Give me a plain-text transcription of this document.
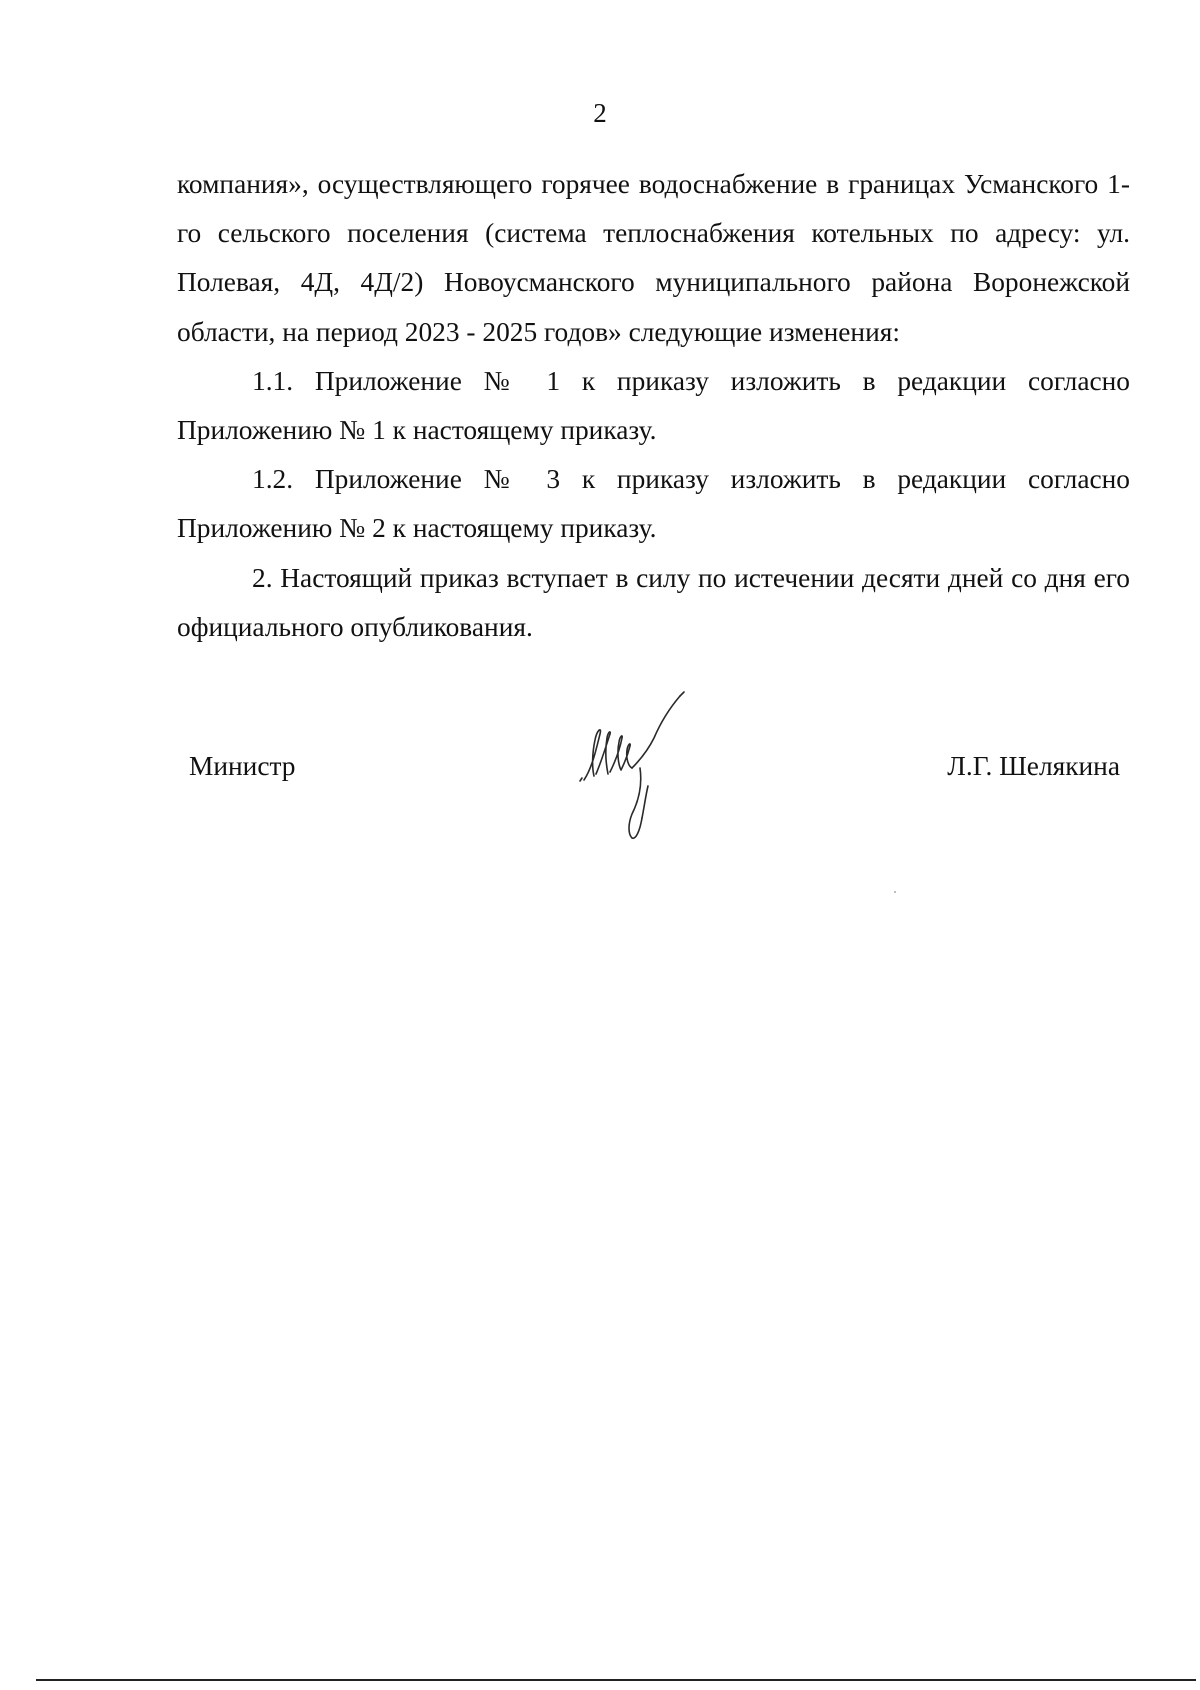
2

компания», осуществляющего горячее водоснабжение в границах Усманского 1-го сельского поселения (система теплоснабжения котельных по адресу: ул. Полевая, 4Д, 4Д/2) Новоусманского муниципального района Воронежской области, на период 2023 - 2025 годов» следующие изменения:

1.1. Приложение № 1 к приказу изложить в редакции согласно Приложению № 1 к настоящему приказу.

1.2. Приложение № 3 к приказу изложить в редакции согласно Приложению № 2 к настоящему приказу.

2. Настоящий приказ вступает в силу по истечении десяти дней со дня его официального опубликования.

Министр	Л.Г. Шелякина
